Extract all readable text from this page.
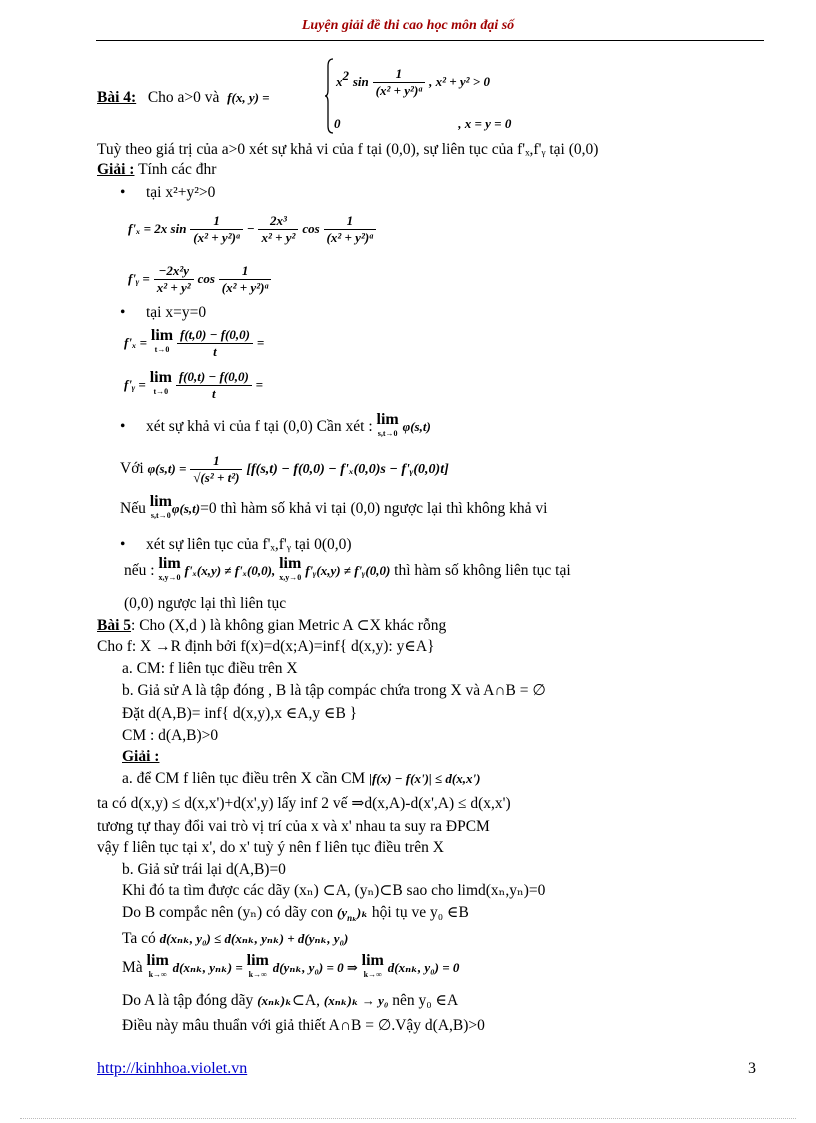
Luyện giải đề thi cao học môn đại số
Bài 4: Cho a>0 và f(x, y) =
$x^2$ $\sin \frac{1}{\text{(x² + y²)ᵃ}}$ , x² + y² > 0
0	, x = y = 0
Tuỳ theo giá trị của a>0 xét sự khả vi của f tại (0,0), sự liên tục của f'ₓ,f'ᵧ tại (0,0)
Giải : Tính các đhr
• tại x²+y²>0
f'ₓ = 2x $\sin \frac{1}{\text{(x² + y²)ᵃ}} - \frac{\text{2x³}}{\text{x² + y²}}$ $\cos \frac{1}{\text{(x² + y²)ᵃ}}$
f'ᵧ = $\frac{\text{−2x²y}}{\text{x² + y²}}$ $\cos \frac{1}{\text{(x² + y²)ᵃ}}$
• tại x=y=0
f'ₓ = lim
t→0
$\frac{f(t,0) - f(0,0)}{t}$ =
f'ᵧ = lim
t→0
$\frac{f(0,t) - f(0,0)}{t}$ =
• xét sự khả vi của f tại (0,0) Cần xét : lim
s,t→0 φ(s,t)
Với $\varphi(s,t) = \frac{1}{\text{√(s² + t²)}} [f(s,t) - f(0,0) - f'_x(0,0)s$ − f'ᵧ(0,0)t]
Nếu lim
s,t→0 φ(s,t)=0 thì hàm số khả vi tại (0,0) ngược lại thì không khả vi
• xét sự liên tục của f'ₓ,f'ᵧ tại 0(0,0)
nếu : lim
x,y→0 f'ₓ(x,y) ≠ f'ₓ(0,0), lim
x,y→0 f'ᵧ(x,y) ≠ f'ᵧ(0,0) thì hàm số không liên tục tại
(0,0) ngược lại thì liên tục
Bài 5: Cho (X,d ) là không gian Metric A ⊂X khác rỗng
Cho f: X →R định bởi f(x)=d(x;A)=inf{ d(x,y): y∈A}
a. CM: f liên tục điều trên X
b. Giả sử A là tập đóng , B là tập compác chứa trong X và A∩B = ∅
Đặt d(A,B)= inf{ d(x,y),x ∈A,y ∈B }
CM : d(A,B)>0
Giải :
a. để CM f liên tục điều trên X cần CM |f(x) − f(x')| ≤ d(x,x')
ta có d(x,y) ≤ d(x,x')+d(x',y) lấy inf 2 vế ⇒d(x,A)-d(x',A) ≤ d(x,x')
tương tự thay đổi vai trò vị trí của x và x' nhau ta suy ra ĐPCM
vậy f liên tục tại x', do x' tuỳ ý nên f liên tục điều trên X
b. Giả sử trái lại d(A,B)=0
Khi đó ta tìm được các dãy (xₙ) ⊂A, (yₙ)⊂B sao cho limd(xₙ,yₙ)=0
Do B compắc nên (yₙ) có dãy con $(y_{n_k})_k$ hội tụ ve y₀ ∈B
Ta có d(xₙₖ, y₀) ≤ d(xₙₖ, yₙₖ) + d(yₙₖ, y₀)
Mà lim
k→∞ d(xₙₖ, yₙₖ) = lim
k→∞ d(yₙₖ, y₀) = 0 ⇒ lim
k→∞ d(xₙₖ, y₀) = 0
Do A là tập đóng dãy (xₙₖ)ₖ⊂A, (xₙₖ)ₖ → y₀ nên y₀ ∈A
Điều này mâu thuẩn với giả thiết A∩B = ∅.Vậy d(A,B)>0
http://kinhhoa.violet.vn	3
